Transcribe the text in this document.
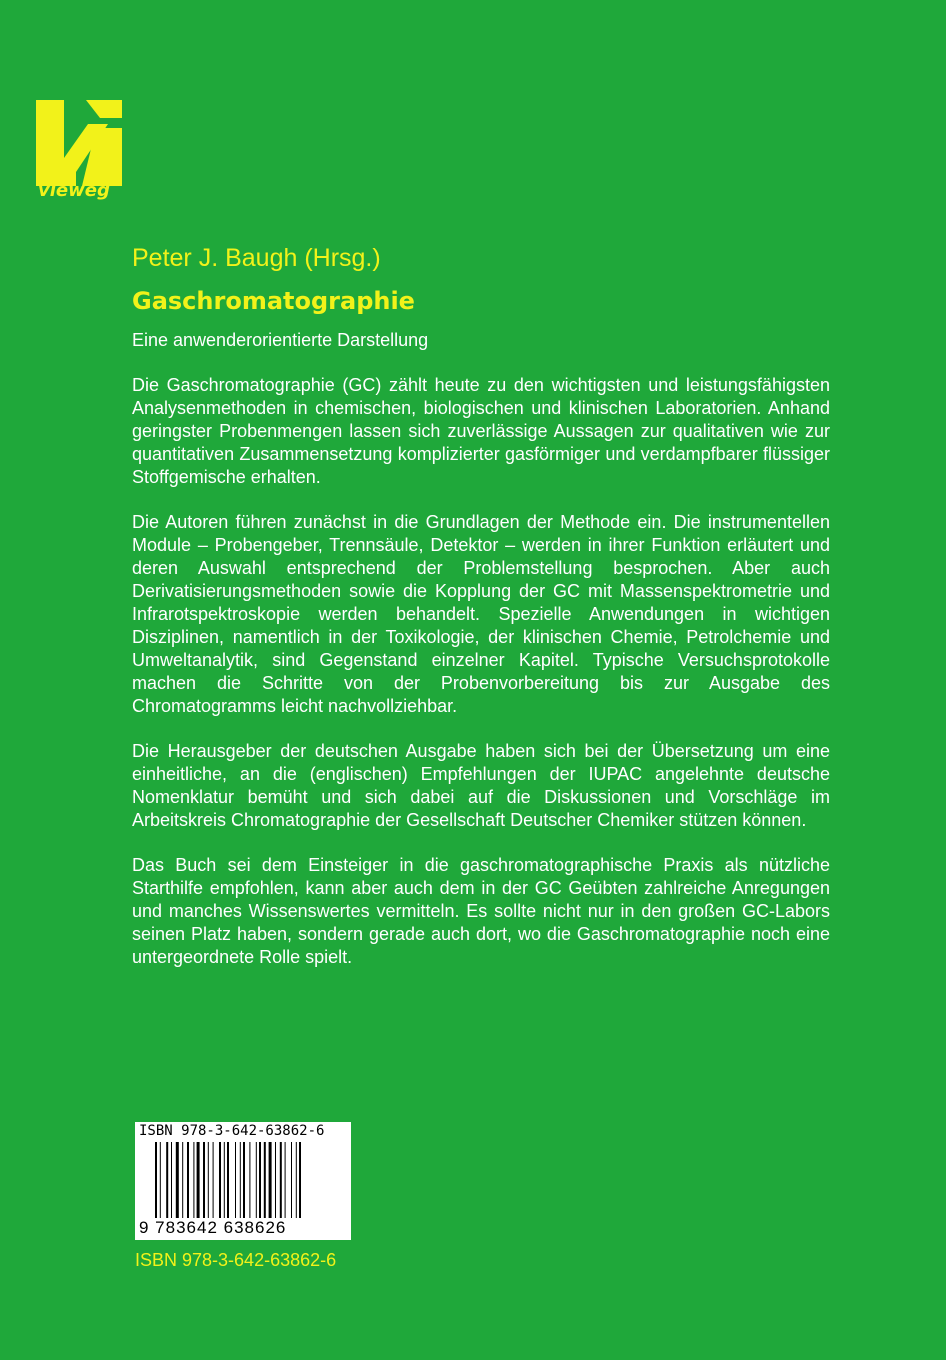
vieweg
Peter J. Baugh (Hrsg.)
Gaschromatographie
Eine anwenderorientierte Darstellung

Die Gaschromatographie (GC) zählt heute zu den wichtigsten und leistungsfähigsten Analysenmethoden in chemischen, biologischen und klinischen Laboratorien. Anhand geringster Probenmengen lassen sich zuverlässige Aussagen zur qualitativen wie zur quantitativen Zusammensetzung komplizierter gasförmiger und verdampfbarer flüssiger Stoffgemische erhalten.

Die Autoren führen zunächst in die Grundlagen der Methode ein. Die instrumentellen Module – Probengeber, Trennsäule, Detektor – werden in ihrer Funktion erläutert und deren Auswahl entsprechend der Problemstellung besprochen. Aber auch Derivatisierungsmethoden sowie die Kopplung der GC mit Massenspektrometrie und Infrarotspektroskopie werden behandelt. Spezielle Anwendungen in wichtigen Disziplinen, namentlich in der Toxikologie, der klinischen Chemie, Petrolchemie und Umweltanalytik, sind Gegenstand einzelner Kapitel. Typische Versuchsprotokolle machen die Schritte von der Probenvorbereitung bis zur Ausgabe des Chromatogramms leicht nachvollziehbar.

Die Herausgeber der deutschen Ausgabe haben sich bei der Übersetzung um eine einheitliche, an die (englischen) Empfehlungen der IUPAC angelehnte deutsche Nomenklatur bemüht und sich dabei auf die Diskussionen und Vorschläge im Arbeitskreis Chromatographie der Gesellschaft Deutscher Chemiker stützen können.

Das Buch sei dem Einsteiger in die gaschromatographische Praxis als nützliche Starthilfe empfohlen, kann aber auch dem in der GC Geübten zahlreiche Anregungen und manches Wissenswertes vermitteln. Es sollte nicht nur in den großen GC-Labors seinen Platz haben, sondern gerade auch dort, wo die Gaschromatographie noch eine untergeordnete Rolle spielt.

ISBN 978-3-642-63862-6
9 783642 638626
ISBN 978-3-642-63862-6
